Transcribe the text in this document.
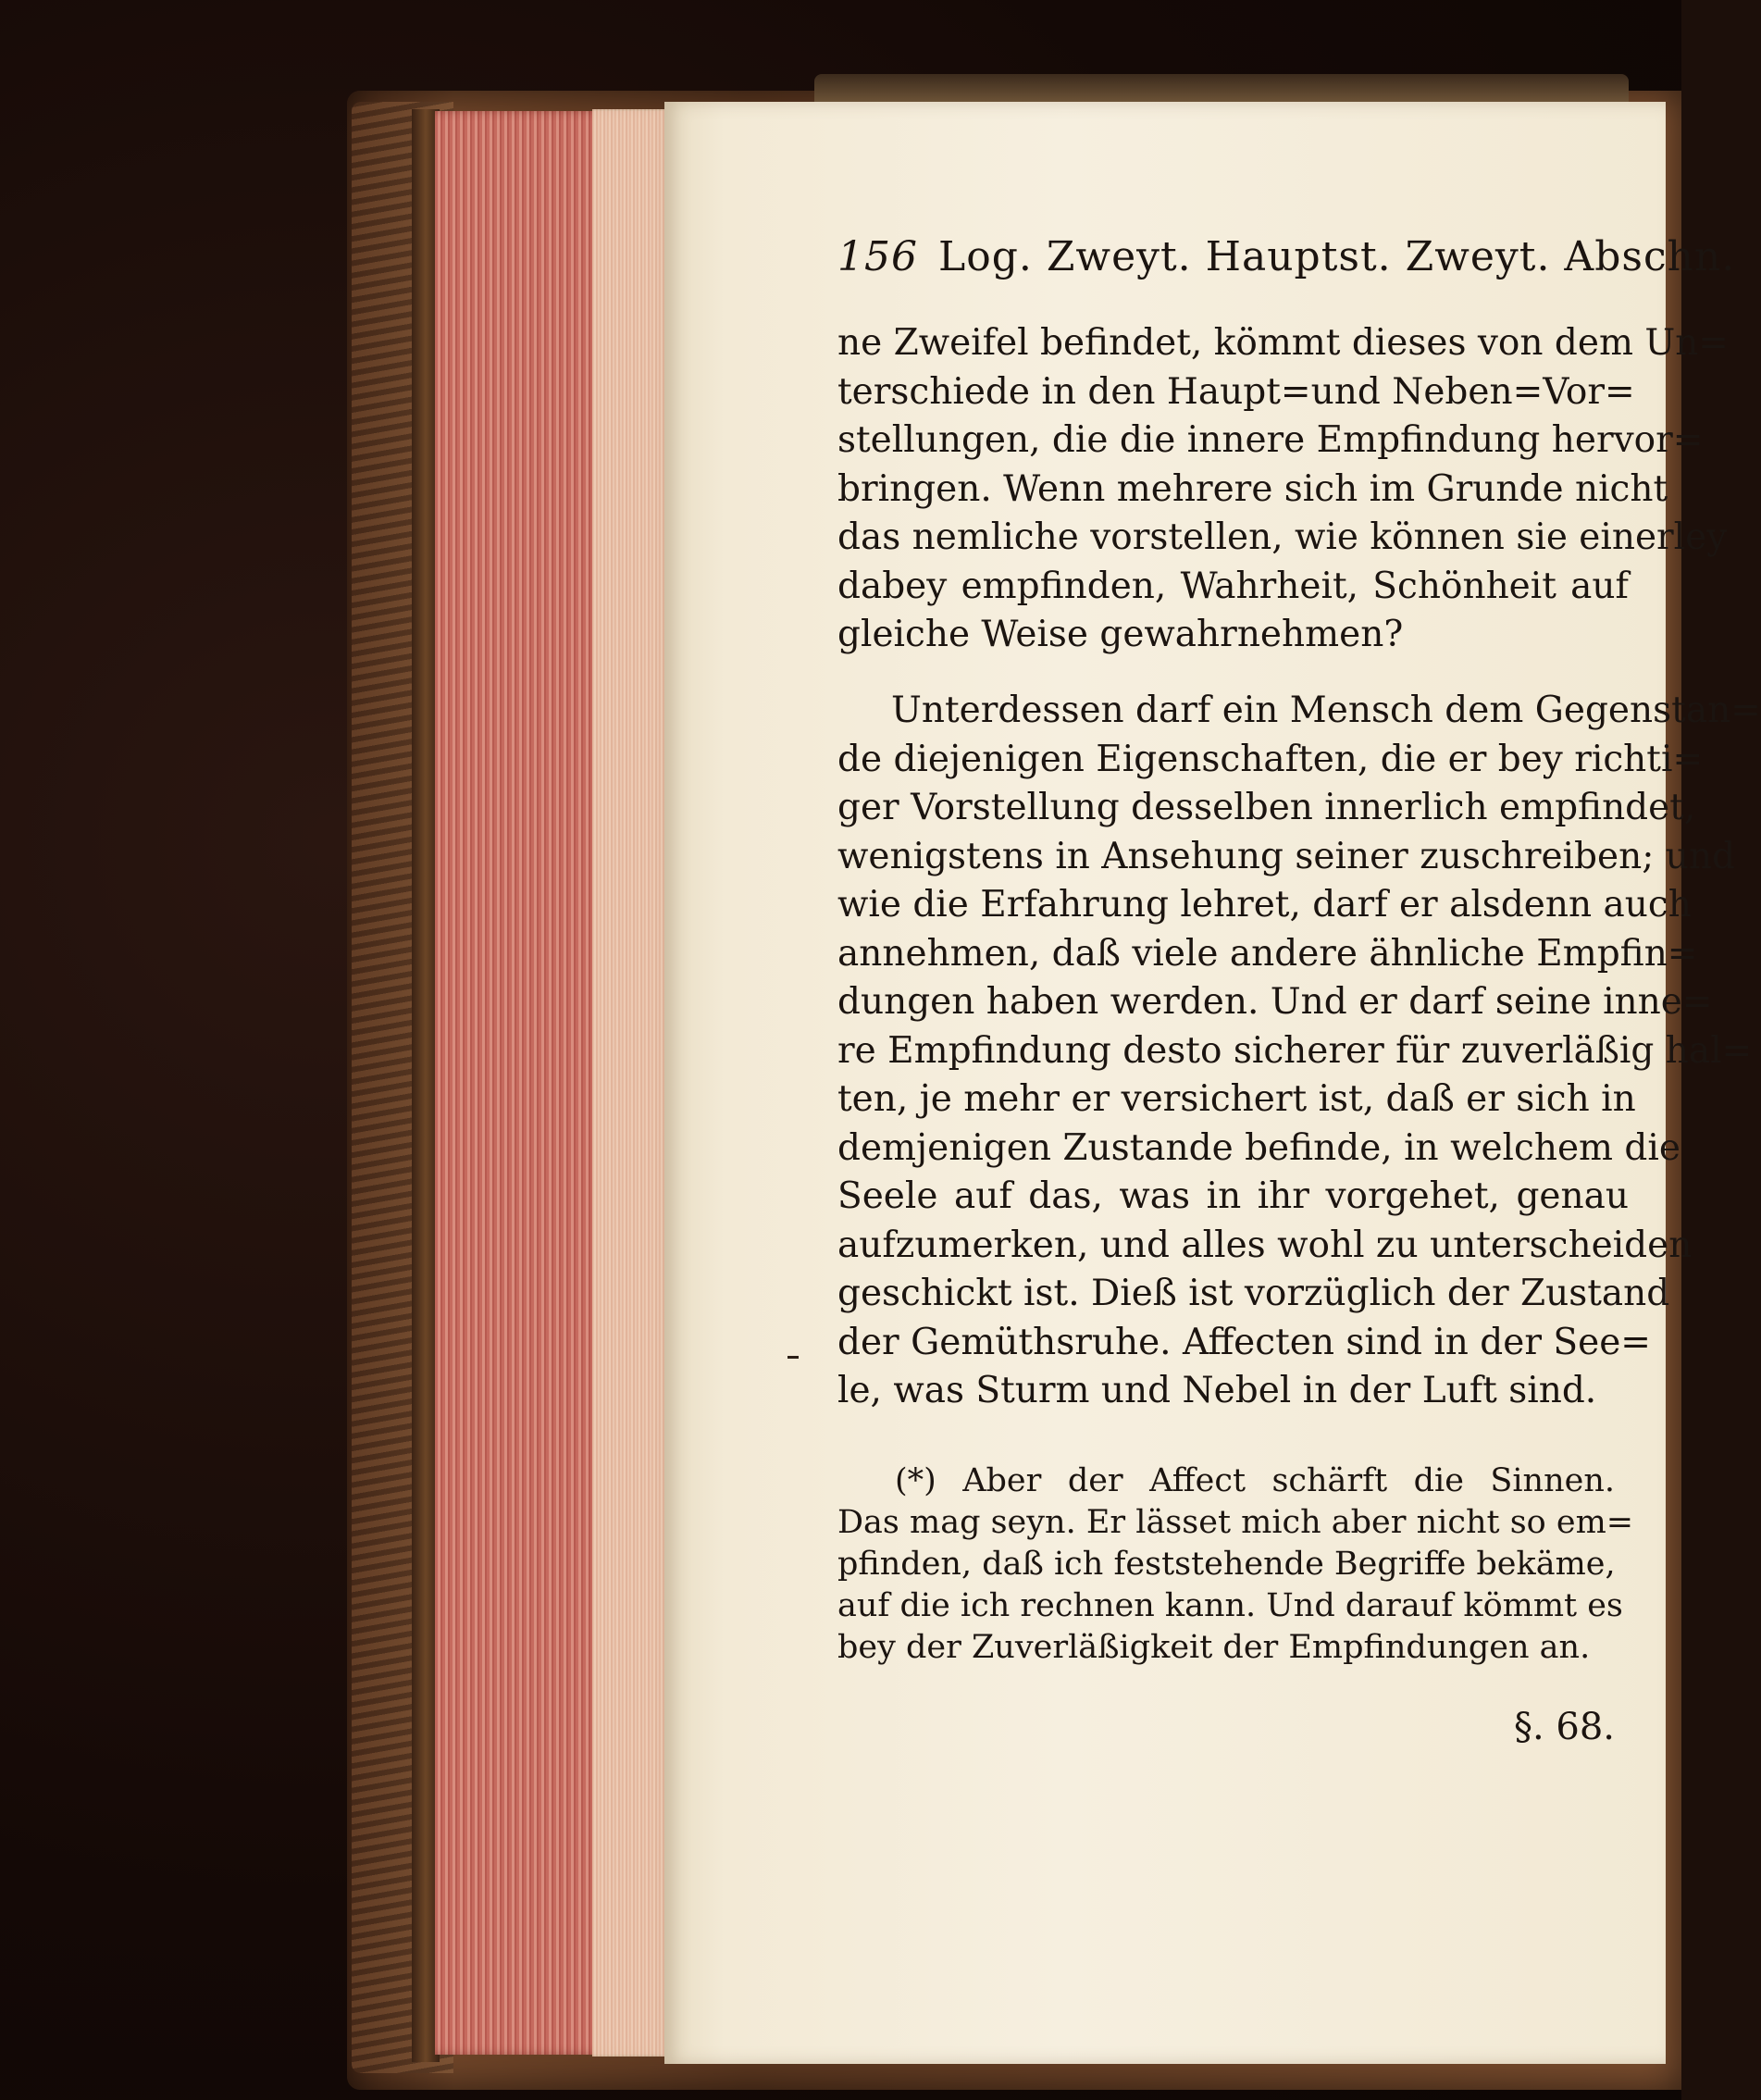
156 Log. Zweyt. Hauptst. Zweyt. Abschn.
ne Zweifel befindet, kömmt dieses von dem Un=
terschiede in den Haupt=und Neben=Vor=
stellungen, die die innere Empfindung hervor=
bringen. Wenn mehrere sich im Grunde nicht
das nemliche vorstellen, wie können sie einerley
dabey empfinden, Wahrheit, Schönheit auf
gleiche Weise gewahrnehmen?
Unterdessen darf ein Mensch dem Gegenstan=
de diejenigen Eigenschaften, die er bey richti=
ger Vorstellung desselben innerlich empfindet,
wenigstens in Ansehung seiner zuschreiben; und
wie die Erfahrung lehret, darf er alsdenn auch
annehmen, daß viele andere ähnliche Empfin=
dungen haben werden. Und er darf seine inne=
re Empfindung desto sicherer für zuverläßig hal=
ten, je mehr er versichert ist, daß er sich in
demjenigen Zustande befinde, in welchem die
Seele auf das, was in ihr vorgehet, genau
aufzumerken, und alles wohl zu unterscheiden
geschickt ist. Dieß ist vorzüglich der Zustand
der Gemüthsruhe. Affecten sind in der See=
le, was Sturm und Nebel in der Luft sind.
(*) Aber der Affect schärft die Sinnen.
Das mag seyn. Er lässet mich aber nicht so em=
pfinden, daß ich feststehende Begriffe bekäme,
auf die ich rechnen kann. Und darauf kömmt es
bey der Zuverläßigkeit der Empfindungen an.
§. 68.
